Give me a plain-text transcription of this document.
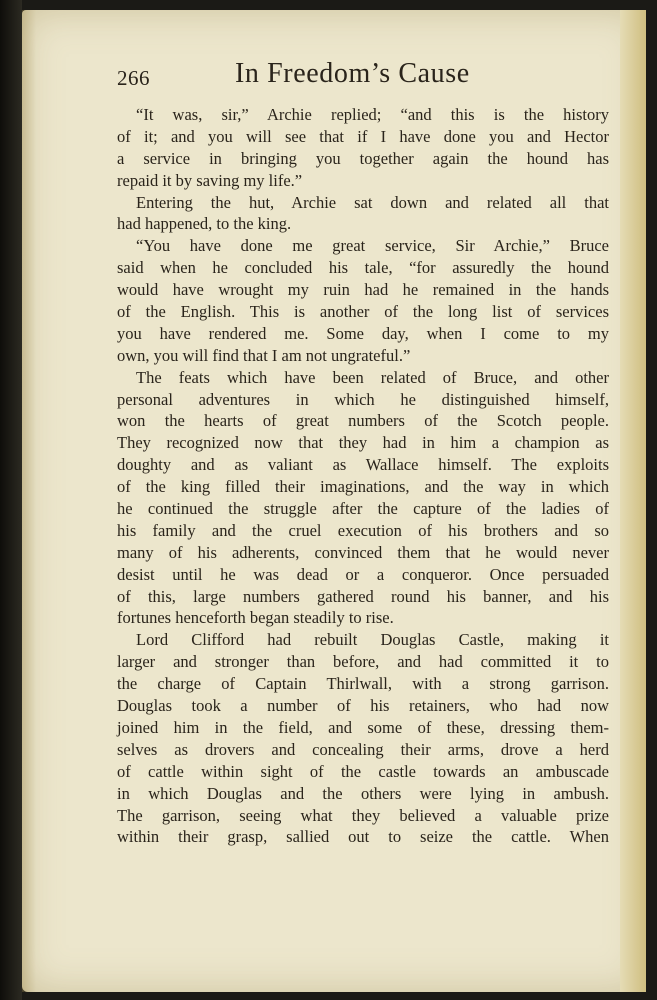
266	In Freedom’s Cause
“It was, sir,” Archie replied; “and this is the history
of it; and you will see that if I have done you and Hector
a service in bringing you together again the hound has
repaid it by saving my life.”
Entering the hut, Archie sat down and related all that
had happened, to the king.
“You have done me great service, Sir Archie,” Bruce
said when he concluded his tale, “for assuredly the hound
would have wrought my ruin had he remained in the hands
of the English. This is another of the long list of services
you have rendered me. Some day, when I come to my
own, you will find that I am not ungrateful.”
The feats which have been related of Bruce, and other
personal adventures in which he distinguished himself,
won the hearts of great numbers of the Scotch people.
They recognized now that they had in him a champion as
doughty and as valiant as Wallace himself. The exploits
of the king filled their imaginations, and the way in which
he continued the struggle after the capture of the ladies of
his family and the cruel execution of his brothers and so
many of his adherents, convinced them that he would never
desist until he was dead or a conqueror. Once persuaded
of this, large numbers gathered round his banner, and his
fortunes henceforth began steadily to rise.
Lord Clifford had rebuilt Douglas Castle, making it
larger and stronger than before, and had committed it to
the charge of Captain Thirlwall, with a strong garrison.
Douglas took a number of his retainers, who had now
joined him in the field, and some of these, dressing them-
selves as drovers and concealing their arms, drove a herd
of cattle within sight of the castle towards an ambuscade
in which Douglas and the others were lying in ambush.
The garrison, seeing what they believed a valuable prize
within their grasp, sallied out to seize the cattle. When
